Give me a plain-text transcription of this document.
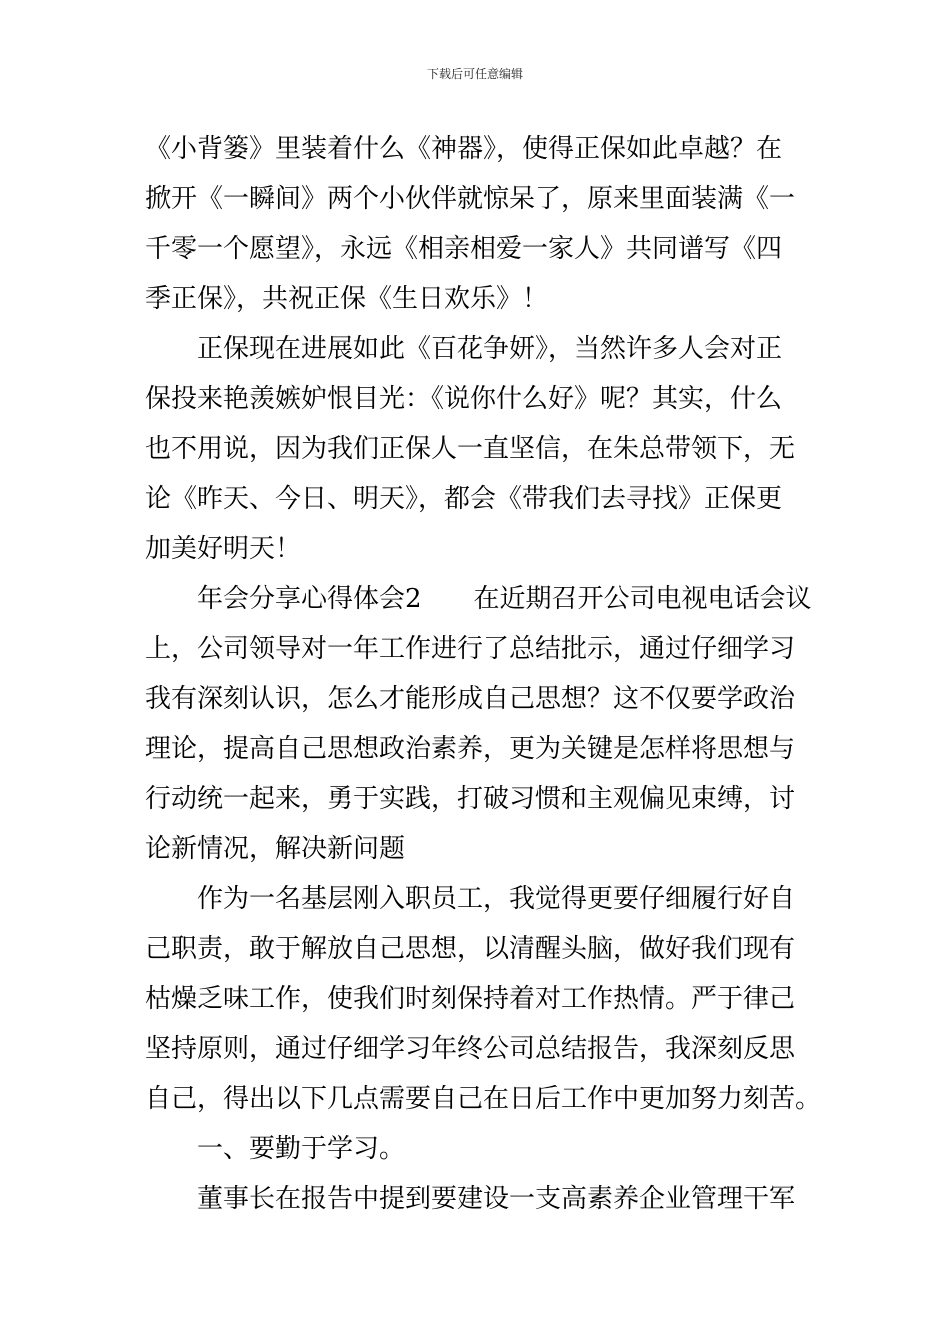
下载后可任意编辑
《小背篓》里装着什么《神器》，使得正保如此卓越？在
掀开《一瞬间》两个小伙伴就惊呆了，原来里面装满《一
千零一个愿望》，永远《相亲相爱一家人》共同谱写《四
季正保》，共祝正保《生日欢乐》！
正保现在进展如此《百花争妍》，当然许多人会对正
保投来艳羡嫉妒恨目光：《说你什么好》呢？其实，什么
也不用说，因为我们正保人一直坚信，在朱总带领下，无
论《昨天、今日、明天》，都会《带我们去寻找》正保更
加美好明天！
年会分享心得体会2　　在近期召开公司电视电话会议
上，公司领导对一年工作进行了总结批示，通过仔细学习
我有深刻认识，怎么才能形成自己思想？这不仅要学政治
理论，提高自己思想政治素养，更为关键是怎样将思想与
行动统一起来，勇于实践，打破习惯和主观偏见束缚，讨
论新情况，解决新问题
作为一名基层刚入职员工，我觉得更要仔细履行好自
己职责，敢于解放自己思想，以清醒头脑，做好我们现有
枯燥乏味工作，使我们时刻保持着对工作热情。严于律己
坚持原则，通过仔细学习年终公司总结报告，我深刻反思
自己，得出以下几点需要自己在日后工作中更加努力刻苦。
一、要勤于学习。
董事长在报告中提到要建设一支高素养企业管理干军
